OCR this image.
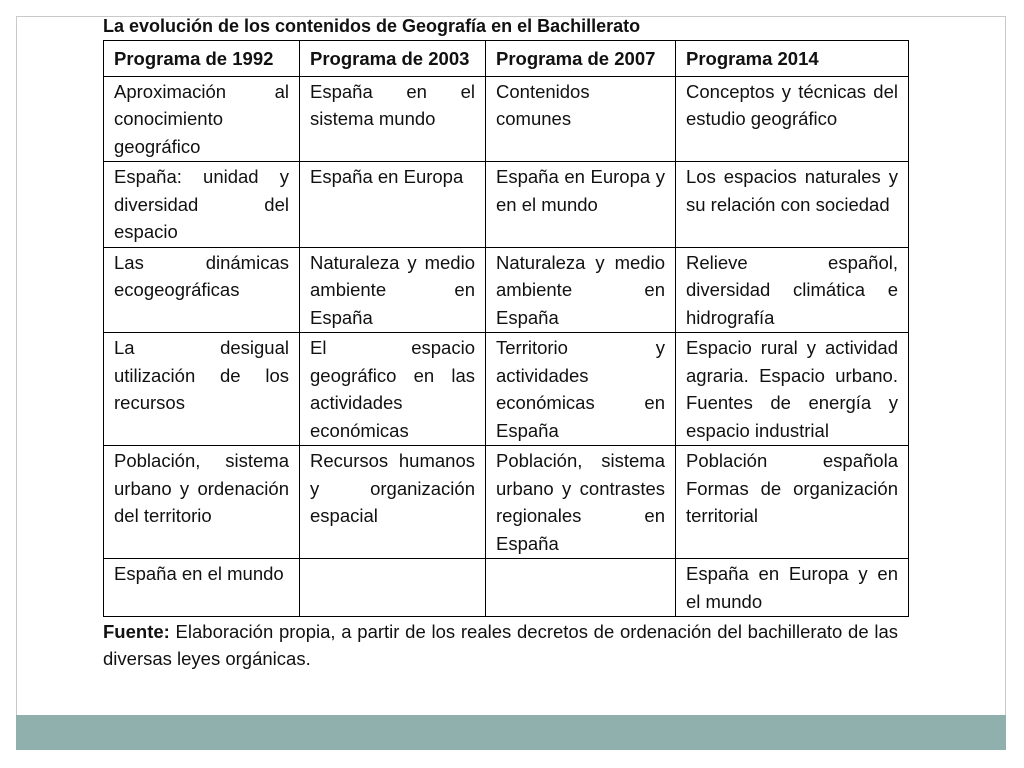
La evolución de los contenidos de Geografía en el Bachillerato
Programa de 1992	Programa de 2003	Programa de 2007	Programa 2014
Aproximación al conocimiento geográfico	España en el sistema mundo	Contenidos comunes	Conceptos y técnicas del estudio geográfico
España: unidad y diversidad del espacio	España en Europa	España en Europa y en el mundo	Los espacios naturales y su relación con sociedad
Las dinámicas ecogeográficas	Naturaleza y medio ambiente en España	Naturaleza y medio ambiente en España	Relieve español, diversidad climática e hidrografía
La desigual utilización de los recursos	El espacio geográfico en las actividades económicas	Territorio y actividades económicas en España	Espacio rural y actividad agraria. Espacio urbano. Fuentes de energía y espacio industrial
Población, sistema urbano y ordenación del territorio	Recursos humanos y organización espacial	Población, sistema urbano y contrastes regionales en España	Población española Formas de organización territorial
España en el mundo			España en Europa y en el mundo
Fuente: Elaboración propia, a partir de los reales decretos de ordenación del bachillerato de las diversas leyes orgánicas.
